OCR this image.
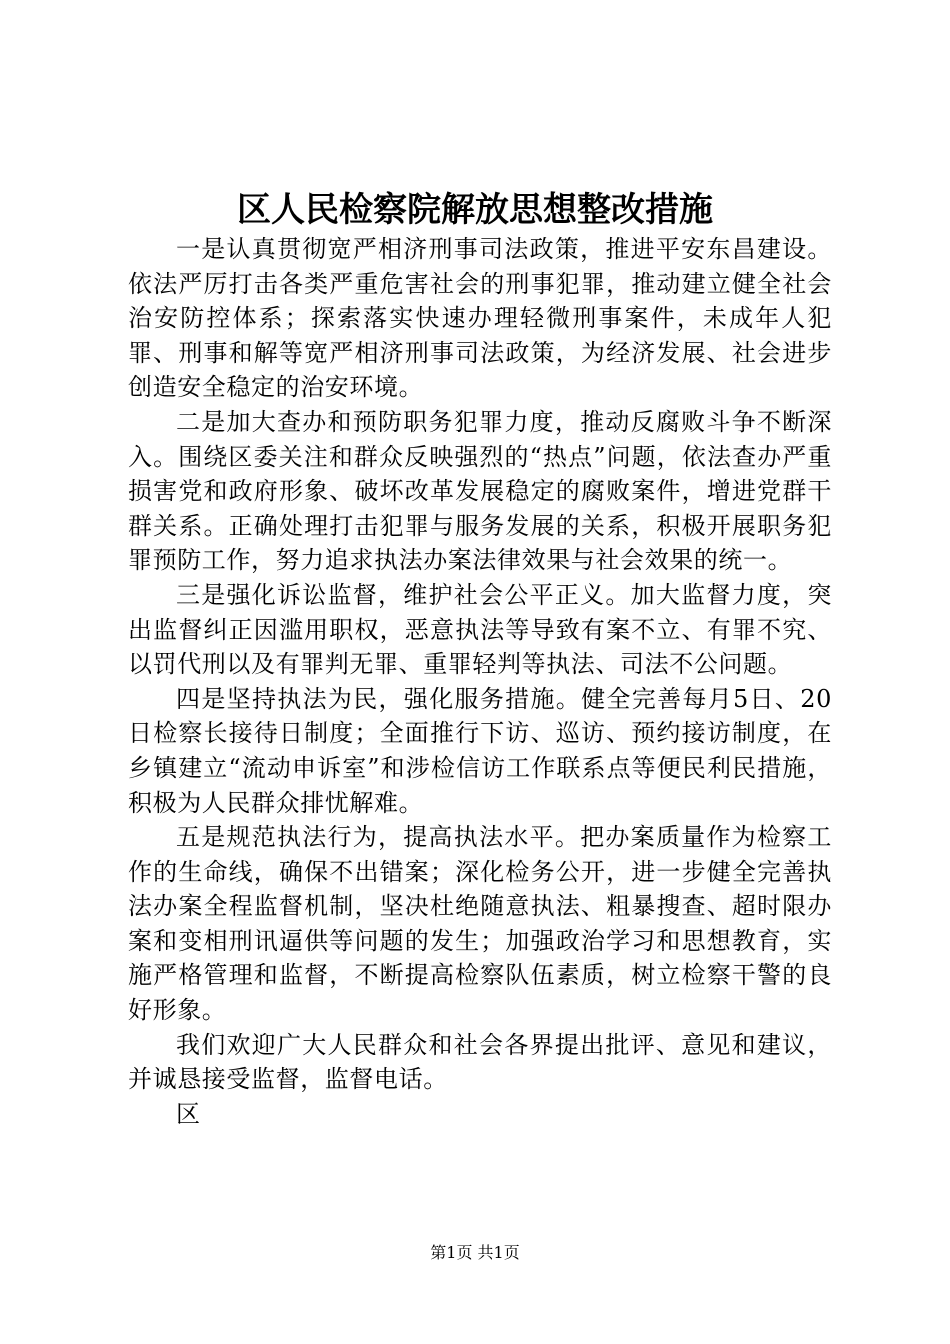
区人民检察院解放思想整改措施

一是认真贯彻宽严相济刑事司法政策，推进平安东昌建设。依法严厉打击各类严重危害社会的刑事犯罪，推动建立健全社会治安防控体系；探索落实快速办理轻微刑事案件，未成年人犯罪、刑事和解等宽严相济刑事司法政策，为经济发展、社会进步创造安全稳定的治安环境。

二是加大查办和预防职务犯罪力度，推动反腐败斗争不断深入。围绕区委关注和群众反映强烈的“热点”问题，依法查办严重损害党和政府形象、破坏改革发展稳定的腐败案件，增进党群干群关系。正确处理打击犯罪与服务发展的关系，积极开展职务犯罪预防工作，努力追求执法办案法律效果与社会效果的统一。

三是强化诉讼监督，维护社会公平正义。加大监督力度，突出监督纠正因滥用职权，恶意执法等导致有案不立、有罪不究、以罚代刑以及有罪判无罪、重罪轻判等执法、司法不公问题。

四是坚持执法为民，强化服务措施。健全完善每月5日、20日检察长接待日制度；全面推行下访、巡访、预约接访制度，在乡镇建立“流动申诉室”和涉检信访工作联系点等便民利民措施，积极为人民群众排忧解难。

五是规范执法行为，提高执法水平。把办案质量作为检察工作的生命线，确保不出错案；深化检务公开，进一步健全完善执法办案全程监督机制，坚决杜绝随意执法、粗暴搜查、超时限办案和变相刑讯逼供等问题的发生；加强政治学习和思想教育，实施严格管理和监督，不断提高检察队伍素质，树立检察干警的良好形象。

我们欢迎广大人民群众和社会各界提出批评、意见和建议，并诚恳接受监督，监督电话。

区

第1页 共1页
